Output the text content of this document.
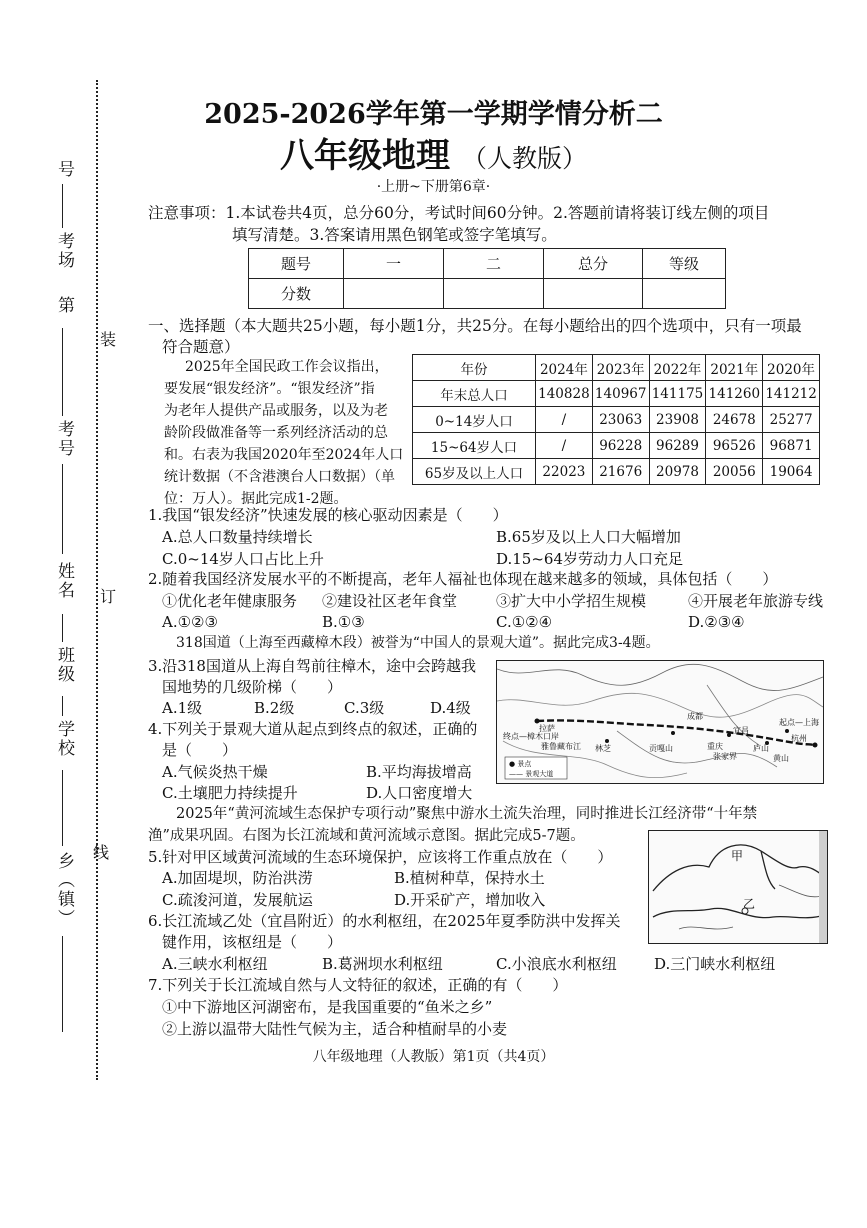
装
订
线
号
考场
第
考号
姓名
班级
学校
乡（镇）
2025-2026学年第一学期学情分析二
八年级地理 （人教版）
·上册~下册第6章·
注意事项：1.本试卷共4页，总分60分，考试时间60分钟。2.答题前请将装订线左侧的项目
填写清楚。3.答案请用黑色钢笔或签字笔填写。
题号	一	二	总分	等级
分数				
一、选择题（本大题共25小题，每小题1分，共25分。在每小题给出的四个选项中，只有一项最
符合题意）
2025年全国民政工作会议指出，
要发展“银发经济”。“银发经济”指
为老年人提供产品或服务，以及为老
龄阶段做准备等一系列经济活动的总
和。右表为我国2020年至2024年人口
统计数据（不含港澳台人口数据）（单
位：万人）。据此完成1-2题。
年份	2024年	2023年	2022年	2021年	2020年
年末总人口	140828	140967	141175	141260	141212
0~14岁人口	/	23063	23908	24678	25277
15~64岁人口	/	96228	96289	96526	96871
65岁及以上人口	22023	21676	20978	20056	19064
1.我国“银发经济”快速发展的核心驱动因素是（　　）
A.总人口数量持续增长	B.65岁及以上人口大幅增加
C.0~14岁人口占比上升	D.15~64岁劳动力人口充足
2.随着我国经济发展水平的不断提高，老年人福祉也体现在越来越多的领域，具体包括（　　）
①优化老年健康服务 ②建设社区老年食堂	③扩大中小学招生规模	④开展老年旅游专线
A.①②③	B.①③	C.①②④	D.②③④
318国道（上海至西藏樟木段）被誉为“中国人的景观大道”。据此完成3-4题。
3.沿318国道从上海自驾前往樟木，途中会跨越我
国地势的几级阶梯（　　）
A.1级	B.2级	C.3级	D.4级
4.下列关于景观大道从起点到终点的叙述，正确的
是（　　）
A.气候炎热干燥	B.平均海拔增高
C.土壤肥力持续提升	D.人口密度增大
成都
宜昌
起点—上海
终点—樟木口岸
拉萨
林芝
雅鲁藏布江	贡嘎山	重庆	庐山
杭州
黄山
张家界
● 景点
—— 景观大道
2025年“黄河流域生态保护专项行动”聚焦中游水土流失治理，同时推进长江经济带“十年禁
渔”成果巩固。右图为长江流域和黄河流域示意图。据此完成5-7题。
5.针对甲区域黄河流域的生态环境保护，应该将工作重点放在（　　）
A.加固堤坝，防治洪涝	B.植树种草，保持水土
C.疏浚河道，发展航运	D.开采矿产，增加收入
甲
乙
6.长江流域乙处（宜昌附近）的水利枢纽，在2025年夏季防洪中发挥关
键作用，该枢纽是（　　）
A.三峡水利枢纽	B.葛洲坝水利枢纽	C.小浪底水利枢纽 D.三门峡水利枢纽
7.下列关于长江流域自然与人文特征的叙述，正确的有（　　）
①中下游地区河湖密布，是我国重要的“鱼米之乡”
②上游以温带大陆性气候为主，适合种植耐旱的小麦
八年级地理（人教版）第1页（共4页）
